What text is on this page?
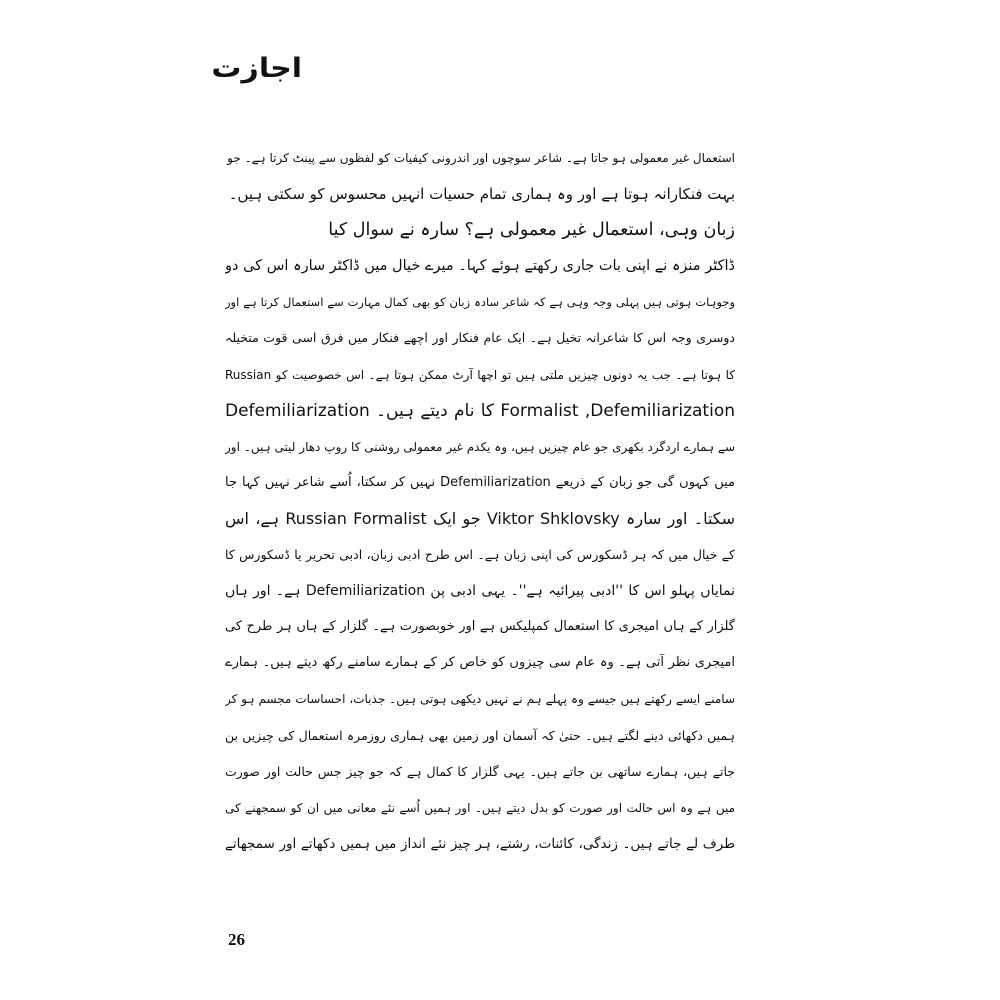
اجازت
استعمال غیر معمولی ہو جاتا ہے۔ شاعر سوچوں اور اندرونی کیفیات کو لفظوں سے پینٹ کرتا ہے۔ جو
بہت فنکارانہ ہوتا ہے اور وہ ہماری تمام حسیات انہیں محسوس کو سکتی ہیں۔
زبان وہی، استعمال غیر معمولی ہے؟ سارہ نے سوال کیا
ڈاکٹر منزہ نے اپنی بات جاری رکھتے ہوئے کہا۔ میرے خیال میں ڈاکٹر سارہ اس کی دو
وجوہات ہوتی ہیں پہلی وجہ وہی ہے کہ شاعر سادہ زبان کو بھی کمال مہارت سے استعمال کرتا ہے اور
دوسری وجہ اس کا شاعرانہ تخیل ہے۔ ایک عام فنکار اور اچھے فنکار میں فرق اسی قوت متخیلہ
کا ہوتا ہے۔ جب یہ دونوں چیزیں ملتی ہیں تو اچھا آرٹ ممکن ہوتا ہے۔ اس خصوصیت کو Russian
Formalist ,Defemiliarization کا نام دیتے ہیں۔ Defemiliarization
سے ہمارے اردگرد بکھری جو عام چیزیں ہیں، وہ یکدم غیر معمولی روشنی کا روپ دھار لیتی ہیں۔ اور
میں کہوں گی جو زبان کے ذریعے Defemiliarization نہیں کر سکتا، اُسے شاعر نہیں کہا جا
سکتا۔ اور سارہ Viktor Shklovsky جو ایک Russian Formalist ہے، اس
کے خیال میں کہ ہر ڈسکورس کی اپنی زبان ہے۔ اس طرح ادبی زبان، ادبی تحریر یا ڈسکورس کا
نمایاں پہلو اس کا ''ادبی پیرائیہ ہے''۔ یہی ادبی پن Defemiliarization ہے۔ اور ہاں
گلزار کے ہاں امیجری کا استعمال کمپلیکس ہے اور خوبصورت ہے۔ گلزار کے ہاں ہر طرح کی
امیجری نظر آتی ہے۔ وہ عام سی چیزوں کو خاص کر کے ہمارے سامنے رکھ دیتے ہیں۔ ہمارے
سامنے ایسے رکھتے ہیں جیسے وہ پہلے ہم نے نہیں دیکھی ہوتی ہیں۔ جذبات، احساسات مجسم ہو کر
ہمیں دکھائی دینے لگتے ہیں۔ حتیٰ کہ آسمان اور زمین بھی ہماری روزمرہ استعمال کی چیزیں بن
جاتے ہیں، ہمارے ساتھی بن جاتے ہیں۔ یہی گلزار کا کمال ہے کہ جو چیز جس حالت اور صورت
میں ہے وہ اس حالت اور صورت کو بدل دیتے ہیں۔ اور ہمیں اُسے نئے معانی میں ان کو سمجھنے کی
طرف لے جاتے ہیں۔ زندگی، کائنات، رشتے، ہر چیز نئے انداز میں ہمیں دکھاتے اور سمجھاتے
26
